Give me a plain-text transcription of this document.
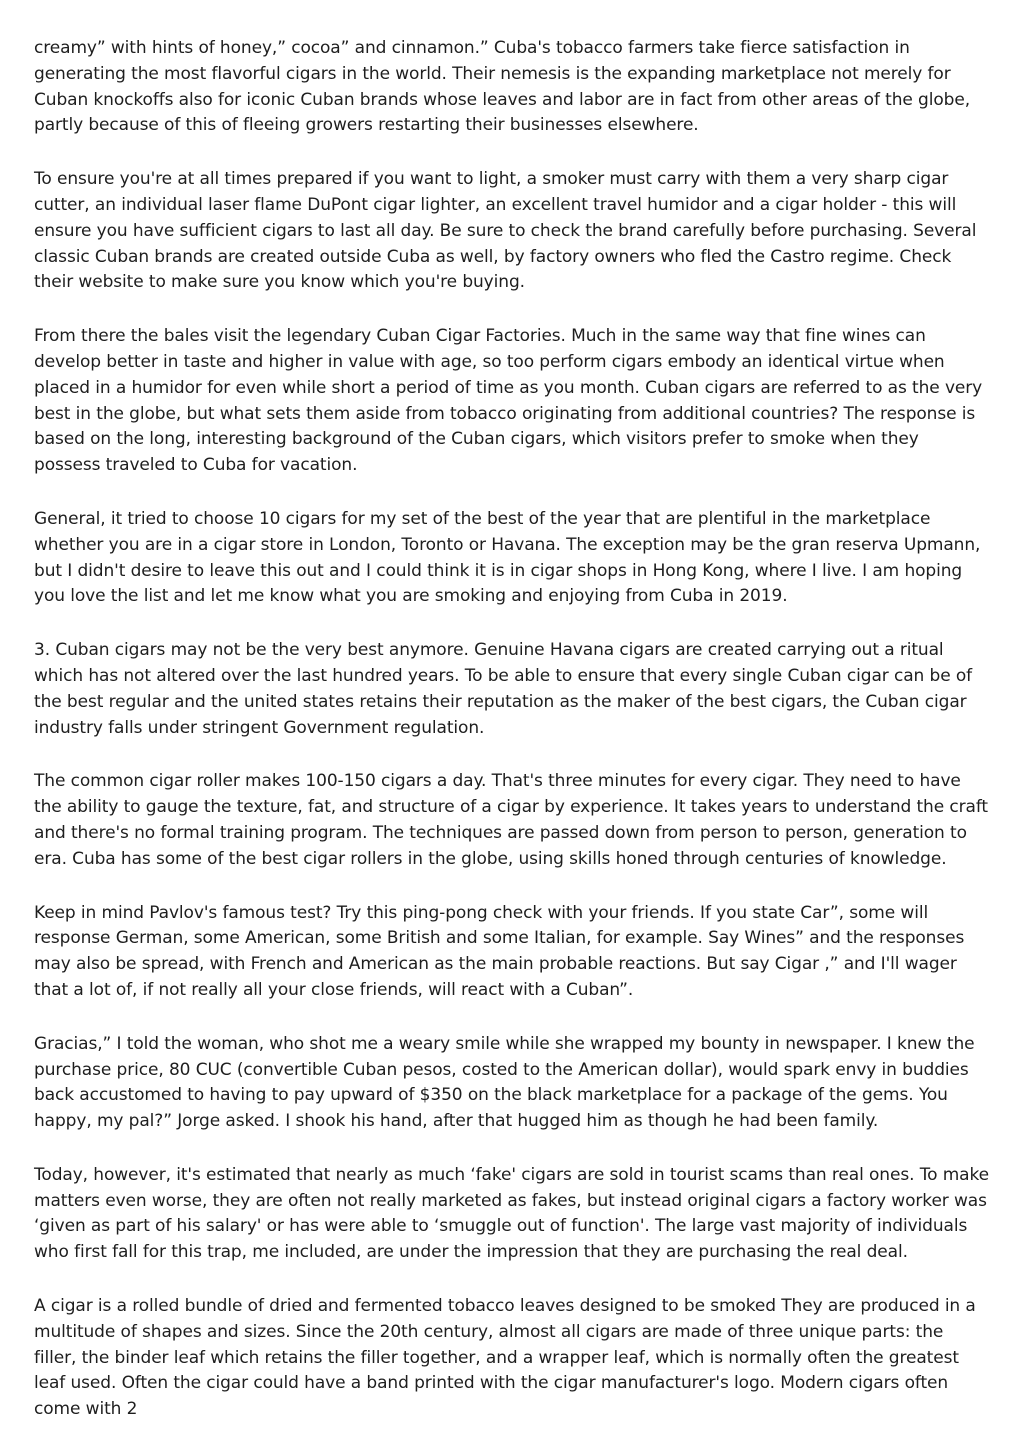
creamy” with hints of honey,” cocoa” and cinnamon.” Cuba's tobacco farmers take fierce satisfaction in generating the most flavorful cigars in the world. Their nemesis is the expanding marketplace not merely for Cuban knockoffs also for iconic Cuban brands whose leaves and labor are in fact from other areas of the globe, partly because of this of fleeing growers restarting their businesses elsewhere.

To ensure you're at all times prepared if you want to light, a smoker must carry with them a very sharp cigar cutter, an individual laser flame DuPont cigar lighter, an excellent travel humidor and a cigar holder - this will ensure you have sufficient cigars to last all day. Be sure to check the brand carefully before purchasing. Several classic Cuban brands are created outside Cuba as well, by factory owners who fled the Castro regime. Check their website to make sure you know which you're buying.

From there the bales visit the legendary Cuban Cigar Factories. Much in the same way that fine wines can develop better in taste and higher in value with age, so too perform cigars embody an identical virtue when placed in a humidor for even while short a period of time as you month. Cuban cigars are referred to as the very best in the globe, but what sets them aside from tobacco originating from additional countries? The response is based on the long, interesting background of the Cuban cigars, which visitors prefer to smoke when they possess traveled to Cuba for vacation.

General, it tried to choose 10 cigars for my set of the best of the year that are plentiful in the marketplace whether you are in a cigar store in London, Toronto or Havana. The exception may be the gran reserva Upmann, but I didn't desire to leave this out and I could think it is in cigar shops in Hong Kong, where I live. I am hoping you love the list and let me know what you are smoking and enjoying from Cuba in 2019.

3. Cuban cigars may not be the very best anymore. Genuine Havana cigars are created carrying out a ritual which has not altered over the last hundred years. To be able to ensure that every single Cuban cigar can be of the best regular and the united states retains their reputation as the maker of the best cigars, the Cuban cigar industry falls under stringent Government regulation.

The common cigar roller makes 100-150 cigars a day. That's three minutes for every cigar. They need to have the ability to gauge the texture, fat, and structure of a cigar by experience. It takes years to understand the craft and there's no formal training program. The techniques are passed down from person to person, generation to era. Cuba has some of the best cigar rollers in the globe, using skills honed through centuries of knowledge.

Keep in mind Pavlov's famous test? Try this ping-pong check with your friends. If you state Car”, some will response German, some American, some British and some Italian, for example. Say Wines” and the responses may also be spread, with French and American as the main probable reactions. But say Cigar ,” and I'll wager that a lot of, if not really all your close friends, will react with a Cuban”.

Gracias,” I told the woman, who shot me a weary smile while she wrapped my bounty in newspaper. I knew the purchase price, 80 CUC (convertible Cuban pesos, costed to the American dollar), would spark envy in buddies back accustomed to having to pay upward of $350 on the black marketplace for a package of the gems. You happy, my pal?” Jorge asked. I shook his hand, after that hugged him as though he had been family.

Today, however, it's estimated that nearly as much ‘fake' cigars are sold in tourist scams than real ones. To make matters even worse, they are often not really marketed as fakes, but instead original cigars a factory worker was ‘given as part of his salary' or has were able to ‘smuggle out of function'. The large vast majority of individuals who first fall for this trap, me included, are under the impression that they are purchasing the real deal.

A cigar is a rolled bundle of dried and fermented tobacco leaves designed to be smoked They are produced in a multitude of shapes and sizes. Since the 20th century, almost all cigars are made of three unique parts: the filler, the binder leaf which retains the filler together, and a wrapper leaf, which is normally often the greatest leaf used. Often the cigar could have a band printed with the cigar manufacturer's logo. Modern cigars often come with 2
